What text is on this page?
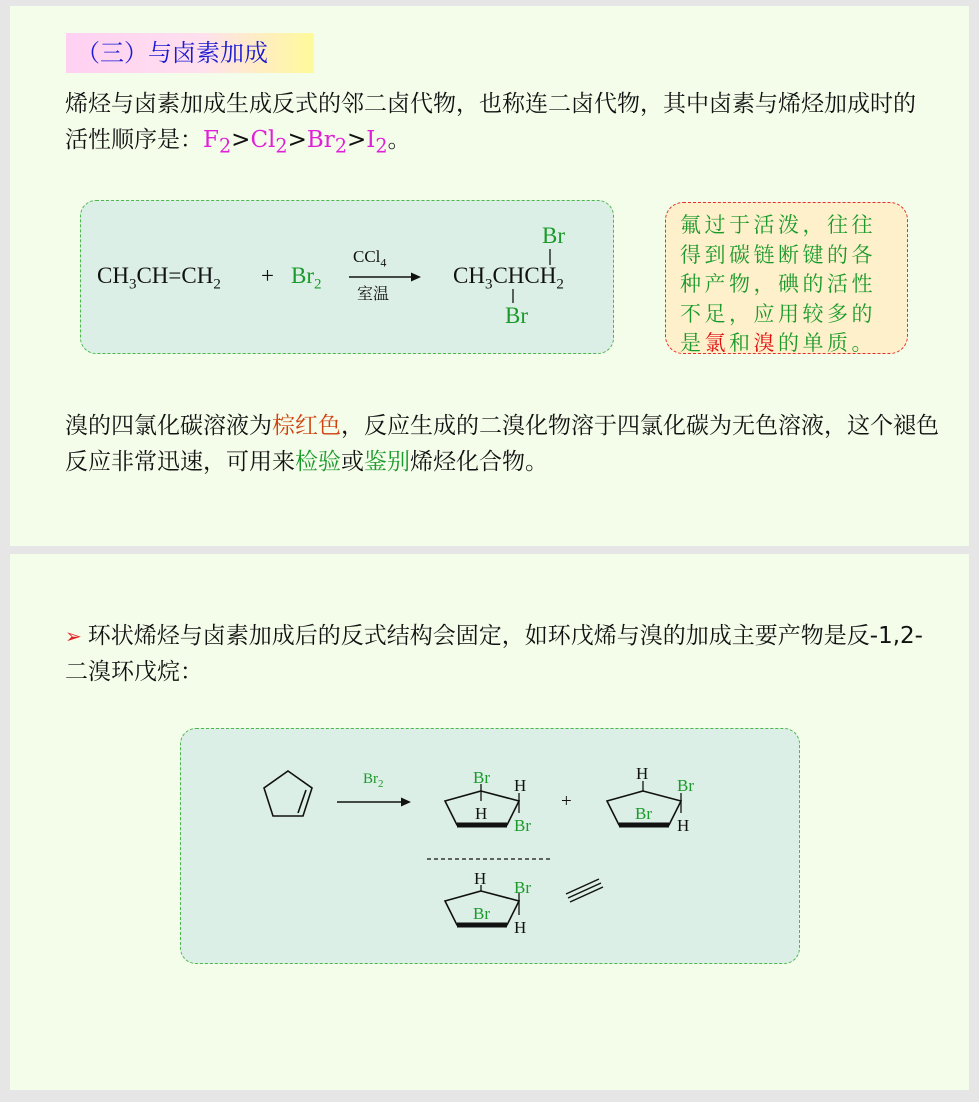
（三）与卤素加成
烯烃与卤素加成生成反式的邻二卤代物，也称连二卤代物，其中卤素与烯烃加成时的活性顺序是：$F_2>Cl_2>Br_2>I_2$。
$CH_3CH=CH_2 + Br_2$
CCl$_4$
室温
$CH_3CHCH_2$
Br
Br
氟过于活泼，往往得到碳链断键的各种产物，碘的活性不足，应用较多的是氯和溴的单质。
溴的四氯化碳溶液为棕红色，反应生成的二溴化物溶于四氯化碳为无色溶液，这个褪色反应非常迅速，可用来检验或鉴别烯烃化合物。
➢ 环状烯烃与卤素加成后的反式结构会固定，如环戊烯与溴的加成主要产物是反-1,2-二溴环戊烷：
$Br_2$	Br
H
H
Br
+
H
Br
Br
H
H
Br
Br
H
